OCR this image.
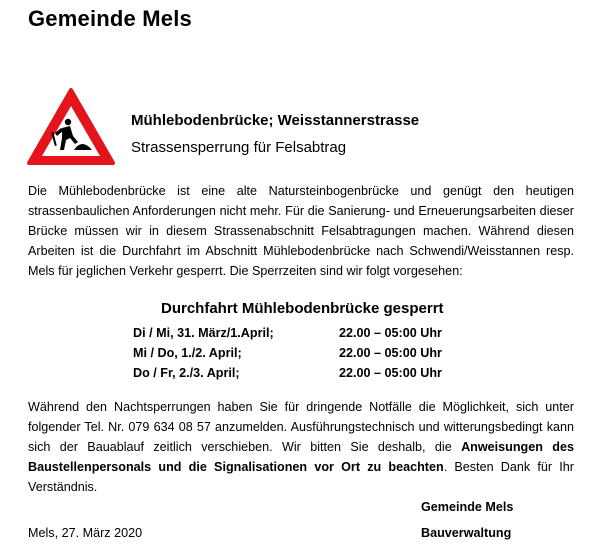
Gemeinde Mels
Mühlebodenbrücke; Weisstannerstrasse
Strassensperrung für Felsabtrag

Die Mühlebodenbrücke ist eine alte Natursteinbogenbrücke und genügt den heutigen strassenbaulichen Anforderungen nicht mehr. Für die Sanierung- und Erneuerungsarbeiten dieser Brücke müssen wir in diesem Strassenabschnitt Felsabtragungen machen. Während diesen Arbeiten ist die Durchfahrt im Abschnitt Mühlebodenbrücke nach Schwendi/Weisstannen resp. Mels für jeglichen Verkehr gesperrt. Die Sperrzeiten sind wir folgt vorgesehen:

Durchfahrt Mühlebodenbrücke gesperrt
Di / Mi, 31. März/1.April;	22.00 – 05:00 Uhr
Mi / Do, 1./2. April;	22.00 – 05:00 Uhr
Do / Fr, 2./3. April;	22.00 – 05:00 Uhr

Während den Nachtsperrungen haben Sie für dringende Notfälle die Möglichkeit, sich unter folgender Tel. Nr. 079 634 08 57 anzumelden. Ausführungstechnisch und witterungsbedingt kann sich der Bauablauf zeitlich verschieben. Wir bitten Sie deshalb, die Anweisungen des Baustellenpersonals und die Signalisationen vor Ort zu beachten. Besten Dank für Ihr Verständnis.

Gemeinde Mels
Mels, 27. März 2020	Bauverwaltung
